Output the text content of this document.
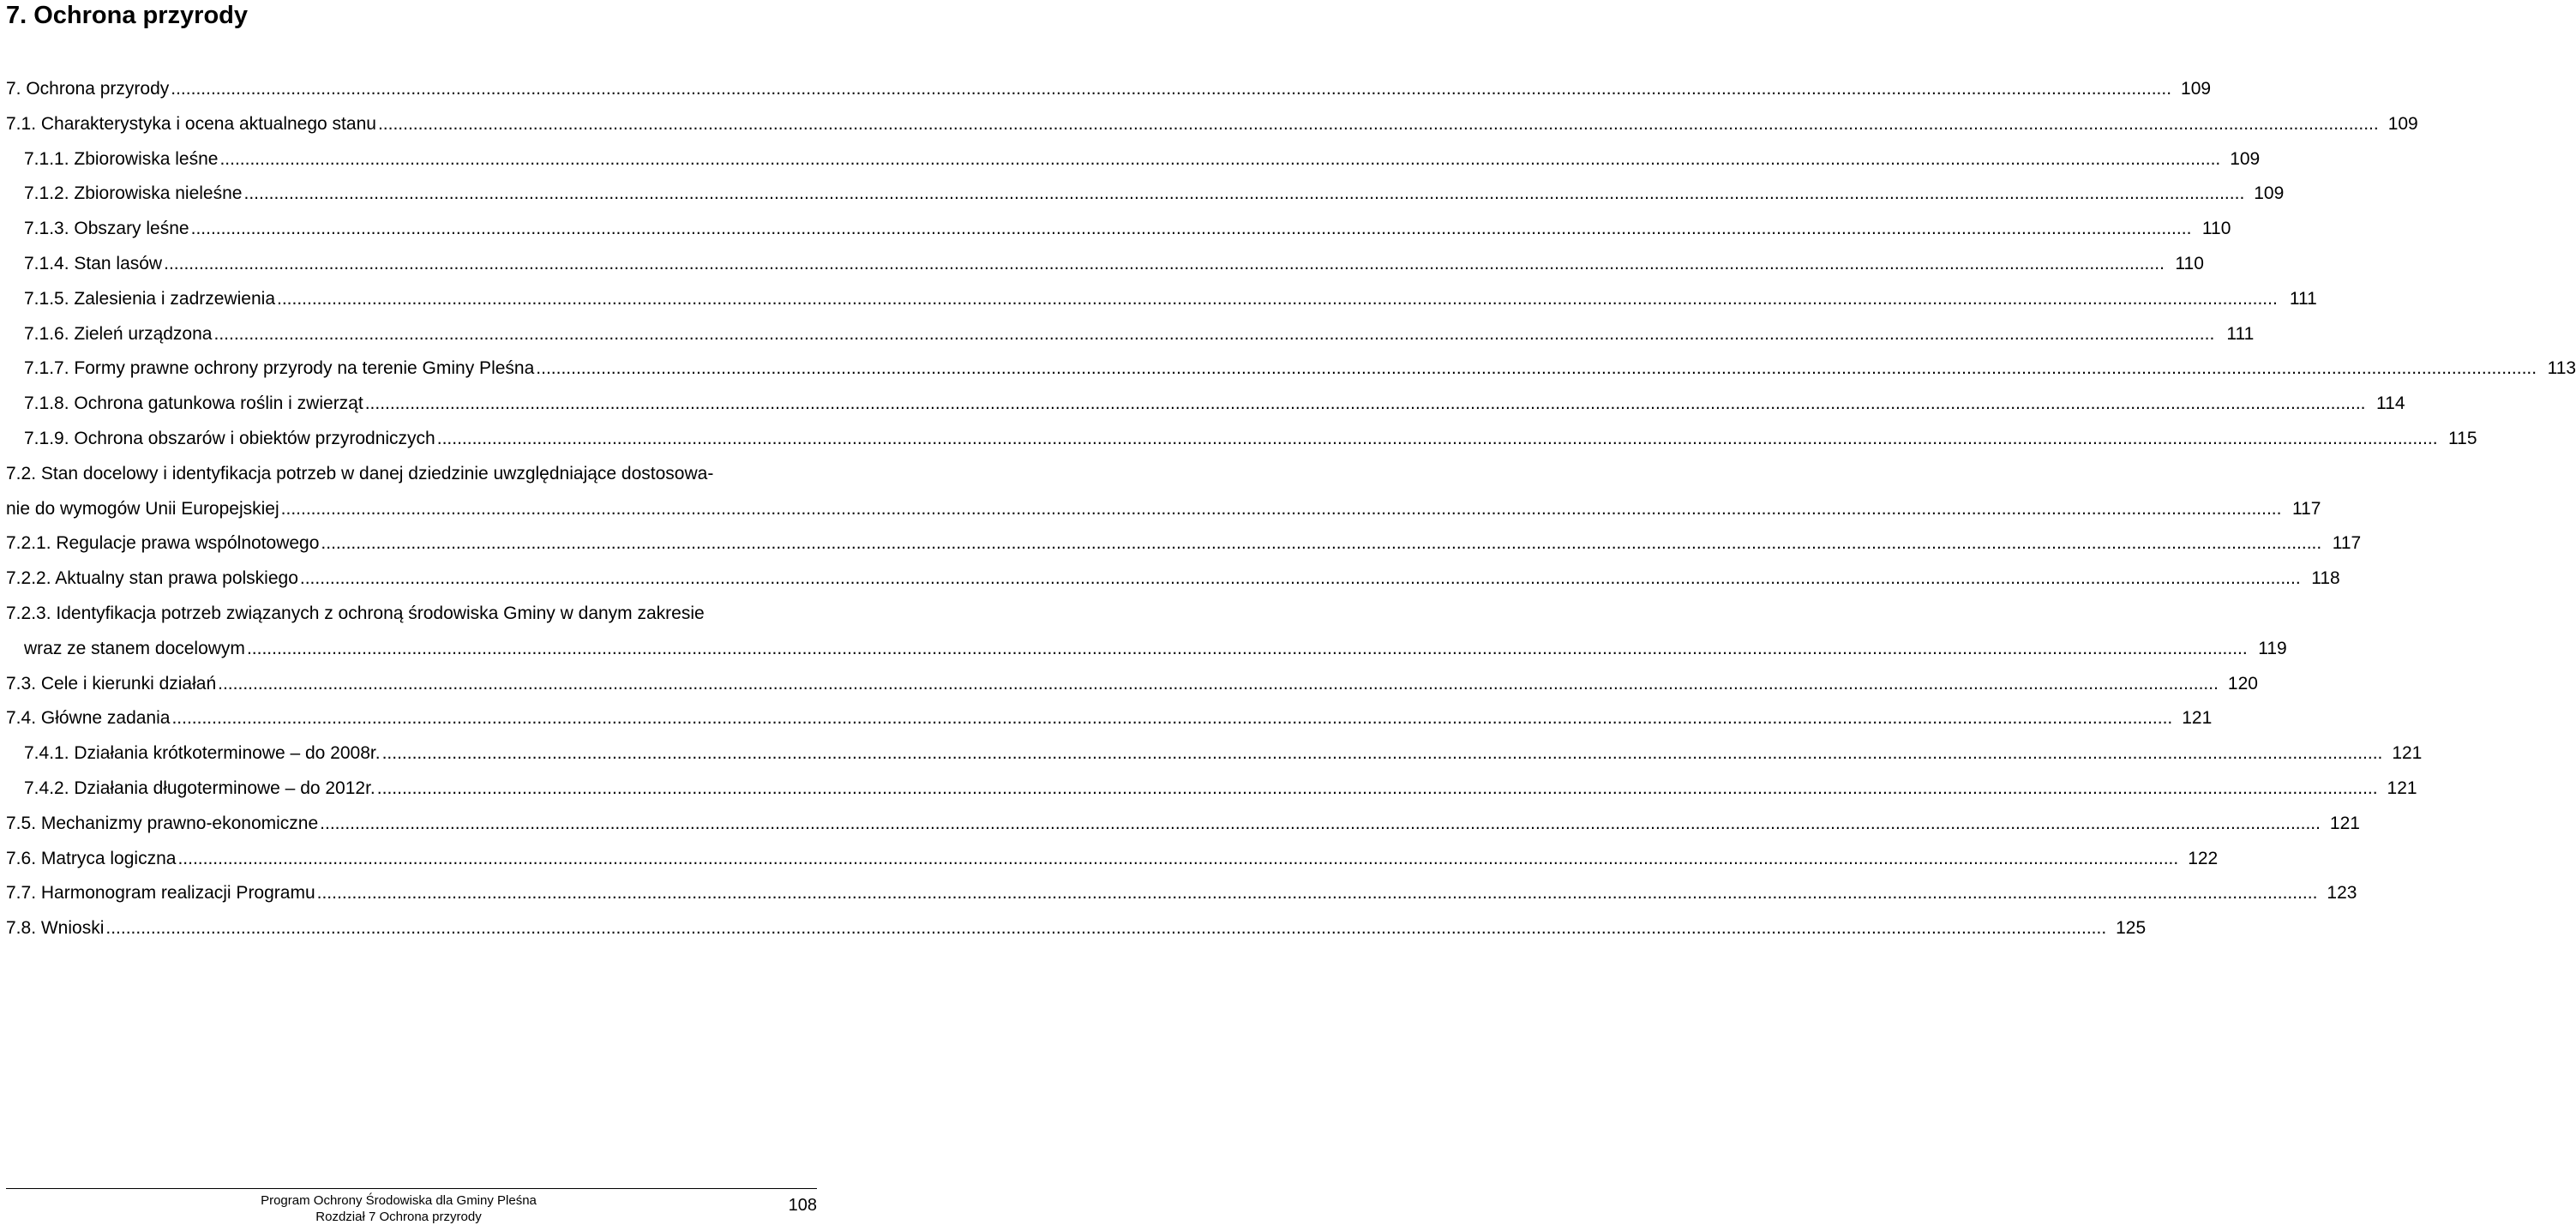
7. Ochrona przyrody
7. Ochrona przyrody ................................................................................................................................................................................................................................................................................................................................................................................................................ 109
7.1. Charakterystyka i ocena aktualnego stanu ................................................................................................................................................................................................................................................................................................................................................................................................................ 109
7.1.1. Zbiorowiska leśne ................................................................................................................................................................................................................................................................................................................................................................................................................ 109
7.1.2. Zbiorowiska nieleśne ................................................................................................................................................................................................................................................................................................................................................................................................................ 109
7.1.3. Obszary leśne ................................................................................................................................................................................................................................................................................................................................................................................................................ 110
7.1.4. Stan lasów ................................................................................................................................................................................................................................................................................................................................................................................................................ 110
7.1.5. Zalesienia i zadrzewienia ................................................................................................................................................................................................................................................................................................................................................................................................................ 111
7.1.6. Zieleń urządzona ................................................................................................................................................................................................................................................................................................................................................................................................................ 111
7.1.7. Formy prawne ochrony przyrody na terenie Gminy Pleśna ................................................................................................................................................................................................................................................................................................................................................................................................................ 113
7.1.8. Ochrona gatunkowa roślin i zwierząt ................................................................................................................................................................................................................................................................................................................................................................................................................ 114
7.1.9. Ochrona obszarów i obiektów przyrodniczych ................................................................................................................................................................................................................................................................................................................................................................................................................ 115
7.2. Stan docelowy i identyfikacja potrzeb w danej dziedzinie uwzględniające dostosowa-
nie do wymogów Unii Europejskiej ................................................................................................................................................................................................................................................................................................................................................................................................................ 117
7.2.1. Regulacje prawa wspólnotowego ................................................................................................................................................................................................................................................................................................................................................................................................................ 117
7.2.2. Aktualny stan prawa polskiego ................................................................................................................................................................................................................................................................................................................................................................................................................ 118
7.2.3. Identyfikacja potrzeb związanych z ochroną środowiska Gminy w danym zakresie
wraz ze stanem docelowym ................................................................................................................................................................................................................................................................................................................................................................................................................ 119
7.3. Cele i kierunki działań ................................................................................................................................................................................................................................................................................................................................................................................................................ 120
7.4. Główne zadania ................................................................................................................................................................................................................................................................................................................................................................................................................ 121
7.4.1. Działania krótkoterminowe – do 2008r. ................................................................................................................................................................................................................................................................................................................................................................................................................ 121
7.4.2. Działania długoterminowe – do 2012r. ................................................................................................................................................................................................................................................................................................................................................................................................................ 121
7.5. Mechanizmy prawno-ekonomiczne ................................................................................................................................................................................................................................................................................................................................................................................................................ 121
7.6. Matryca logiczna ................................................................................................................................................................................................................................................................................................................................................................................................................ 122
7.7. Harmonogram realizacji Programu ................................................................................................................................................................................................................................................................................................................................................................................................................ 123
7.8. Wnioski ................................................................................................................................................................................................................................................................................................................................................................................................................ 125
Program Ochrony Środowiska dla Gminy Pleśna
Rozdział 7 Ochrona przyrody
108
